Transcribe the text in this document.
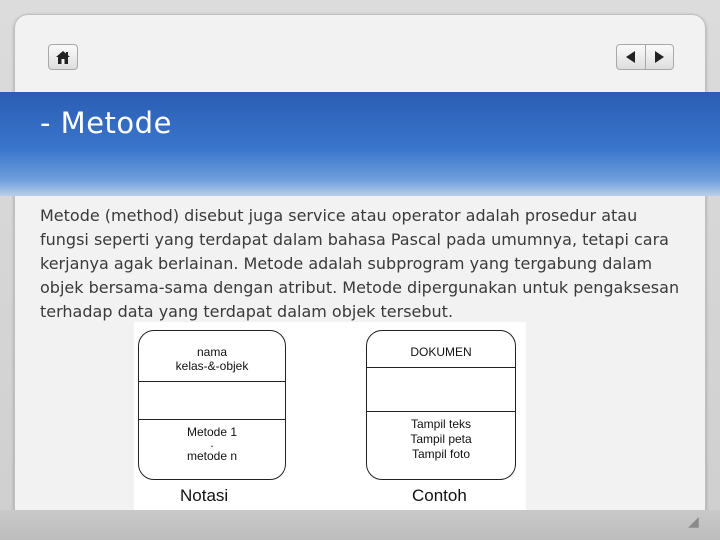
- Metode
Metode (method) disebut juga service atau operator adalah prosedur atau fungsi seperti yang terdapat dalam bahasa Pascal pada umumnya, tetapi cara kerjanya agak berlainan. Metode adalah subprogram yang tergabung dalam objek bersama-sama dengan atribut. Metode dipergunakan untuk pengaksesan terhadap data yang terdapat dalam objek tersebut.
nama
kelas-&-objek
Metode 1
.
metode n
Notasi
DOKUMEN
Tampil teks
Tampil peta
Tampil foto
Contoh
◢
